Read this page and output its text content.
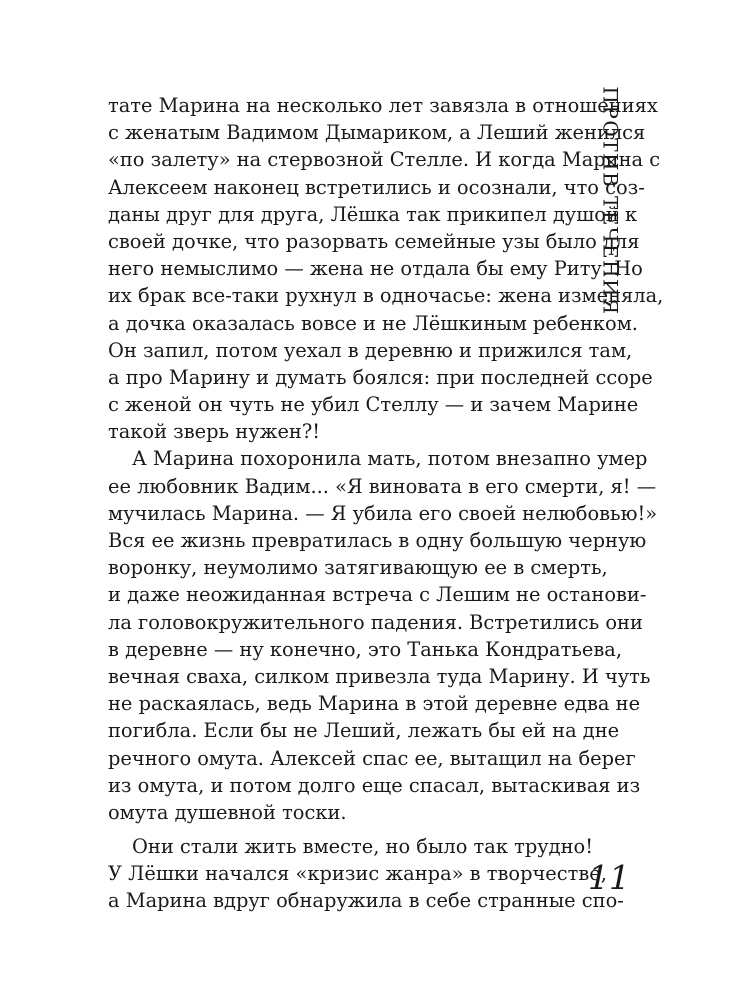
тате Марина на несколько лет завязла в отношениях
с женатым Вадимом Дымариком, а Леший женился
«по залету» на стервозной Стелле. И когда Марина с
Алексеем наконец встретились и осознали, что соз-
даны друг для друга, Лёшка так прикипел душой к
своей дочке, что разорвать семейные узы было для
него немыслимо — жена не отдала бы ему Риту. Но
их брак все-таки рухнул в одночасье: жена изменяла,
а дочка оказалась вовсе и не Лёшкиным ребенком.
Он запил, потом уехал в деревню и прижился там,
а про Марину и думать боялся: при последней ссоре
с женой он чуть не убил Стеллу — и зачем Марине
такой зверь нужен?!
А Марина похоронила мать, потом внезапно умер
ее любовник Вадим... «Я виновата в его смерти, я! —
мучилась Марина. — Я убила его своей нелюбовью!»
Вся ее жизнь превратилась в одну большую черную
воронку, неумолимо затягивающую ее в смерть,
и даже неожиданная встреча с Лешим не останови-
ла головокружительного падения. Встретились они
в деревне — ну конечно, это Танька Кондратьева,
вечная сваха, силком привезла туда Марину. И чуть
не раскаялась, ведь Марина в этой деревне едва не
погибла. Если бы не Леший, лежать бы ей на дне
речного омута. Алексей спас ее, вытащил на берег
из омута, и потом долго еще спасал, вытаскивая из
омута душевной тоски.
Они стали жить вместе, но было так трудно!
У Лёшки начался «кризис жанра» в творчестве,
а Марина вдруг обнаружила в себе странные спо-
ПРОТИВ ТЕЧЕНИЯ
11
